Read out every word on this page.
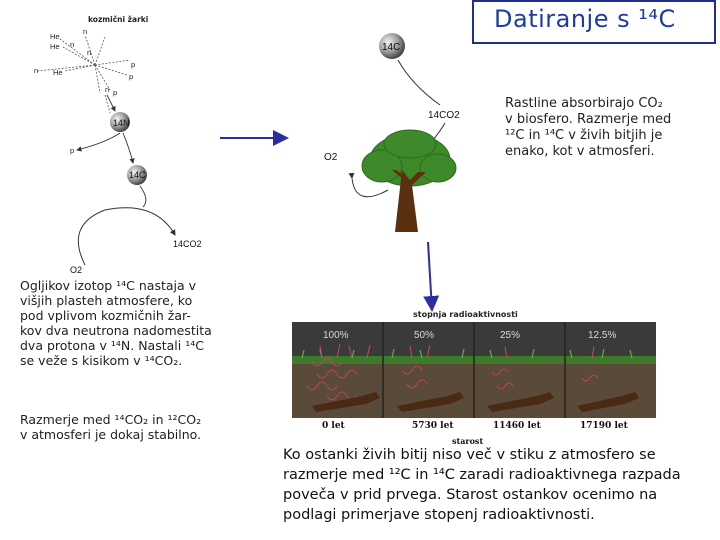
Datiranje s ¹⁴C
kozmični žarki
He
He
n
n
n
p
p
p
He
n
p
n
14N
14C
14CO2
O2
14C
14CO2
O2
Rastline absorbirajo CO₂
v biosfero. Razmerje med
¹²C in ¹⁴C v živih bitjih je
enako, kot v atmosferi.
Ogljikov izotop ¹⁴C nastaja v
višjih plasteh atmosfere, ko
pod vplivom kozmičnih žar-
kov dva neutrona nadomestita
dva protona v ¹⁴N. Nastali ¹⁴C
se veže s kisikom v ¹⁴CO₂.
Razmerje med ¹⁴CO₂ in ¹²CO₂
v atmosferi je dokaj stabilno.
stopnja radioaktivnosti
100%	50%	25%	12.5%
0 let	5730 let	11460 let	17190 let
starost
Ko ostanki živih bitij niso več v stiku z atmosfero se
razmerje med ¹²C in ¹⁴C zaradi radioaktivnega razpada
poveča v prid prvega. Starost ostankov ocenimo na
podlagi primerjave stopenj radioaktivnosti.
